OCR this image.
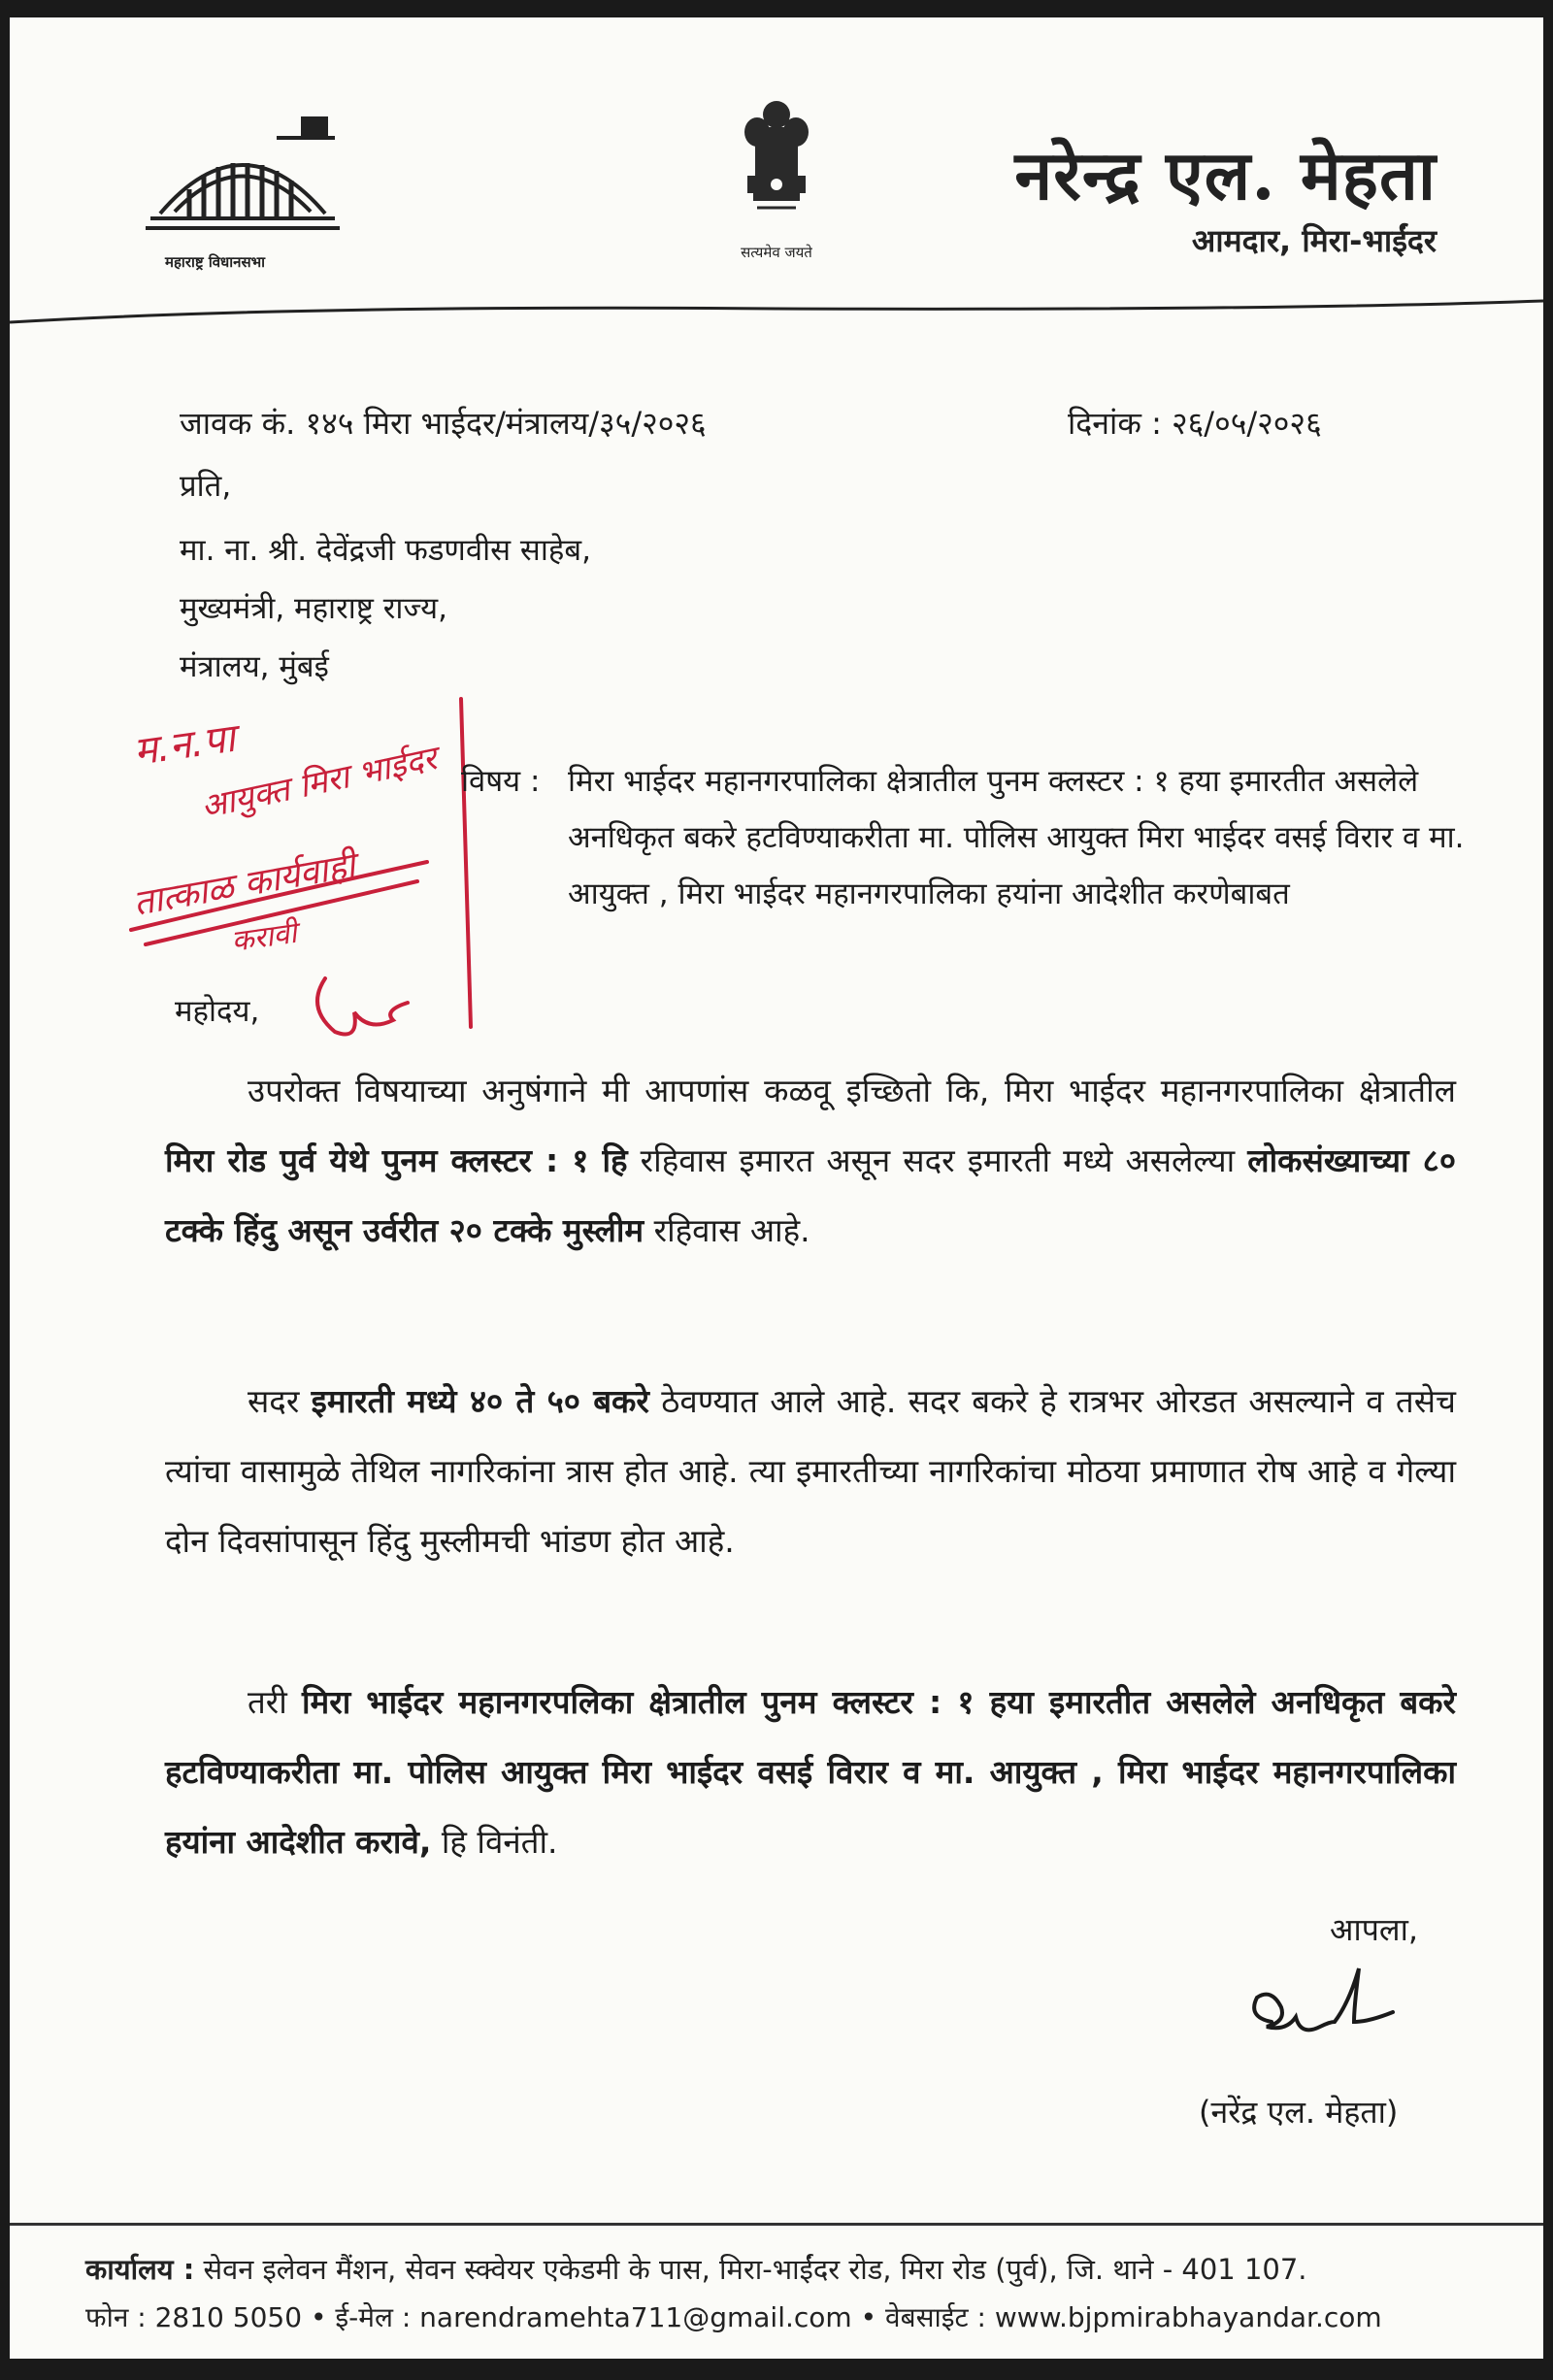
महाराष्ट्र विधानसभा
सत्यमेव जयते
नरेन्द्र एल. मेहता
आमदार, मिरा-भाईंदर
जावक कं. १४५ मिरा भाईदर/मंत्रालय/३५/२०२६	दिनांक : २६/०५/२०२६
प्रति,
मा. ना. श्री. देवेंद्रजी फडणवीस साहेब,
मुख्यमंत्री, महाराष्ट्र राज्य,
मंत्रालय, मुंबई
म.न.पा
आयुक्त मिरा भाईदर
तात्काळ कार्यवाही
करावी
विषय : मिरा भाईदर महानगरपालिका क्षेत्रातील पुनम क्लस्टर : १ हया इमारतीत असलेले अनधिकृत बकरे हटविण्याकरीता मा. पोलिस आयुक्त मिरा भाईदर वसई विरार व मा. आयुक्त , मिरा भाईदर महानगरपालिका हयांना आदेशीत करणेबाबत
महोदय,
उपरोक्त विषयाच्या अनुषंगाने मी आपणांस कळवू इच्छितो कि, मिरा भाईदर महानगरपालिका क्षेत्रातील मिरा रोड पुर्व येथे पुनम क्लस्टर : १ हि रहिवास इमारत असून सदर इमारती मध्ये असलेल्या लोकसंख्याच्या ८० टक्के हिंदु असून उर्वरीत २० टक्के मुस्लीम रहिवास आहे.
सदर इमारती मध्ये ४० ते ५० बकरे ठेवण्यात आले आहे. सदर बकरे हे रात्रभर ओरडत असल्याने व तसेच त्यांचा वासामुळे तेथिल नागरिकांना त्रास होत आहे. त्या इमारतीच्या नागरिकांचा मोठया प्रमाणात रोष आहे व गेल्या दोन दिवसांपासून हिंदु मुस्लीमची भांडण होत आहे.
तरी मिरा भाईदर महानगरपलिका क्षेत्रातील पुनम क्लस्टर : १ हया इमारतीत असलेले अनधिकृत बकरे हटविण्याकरीता मा. पोलिस आयुक्त मिरा भाईदर वसई विरार व मा. आयुक्त , मिरा भाईदर महानगरपालिका हयांना आदेशीत करावे, हि विनंती.
आपला,
(नरेंद्र एल. मेहता)
कार्यालय : सेवन इलेवन मैंशन, सेवन स्क्वेयर एकेडमी के पास, मिरा-भाईंदर रोड, मिरा रोड (पुर्व), जि. थाने - 401 107.
फोन : 2810 5050 • ई-मेल : narendramehta711@gmail.com • वेबसाईट : www.bjpmirabhayandar.com
